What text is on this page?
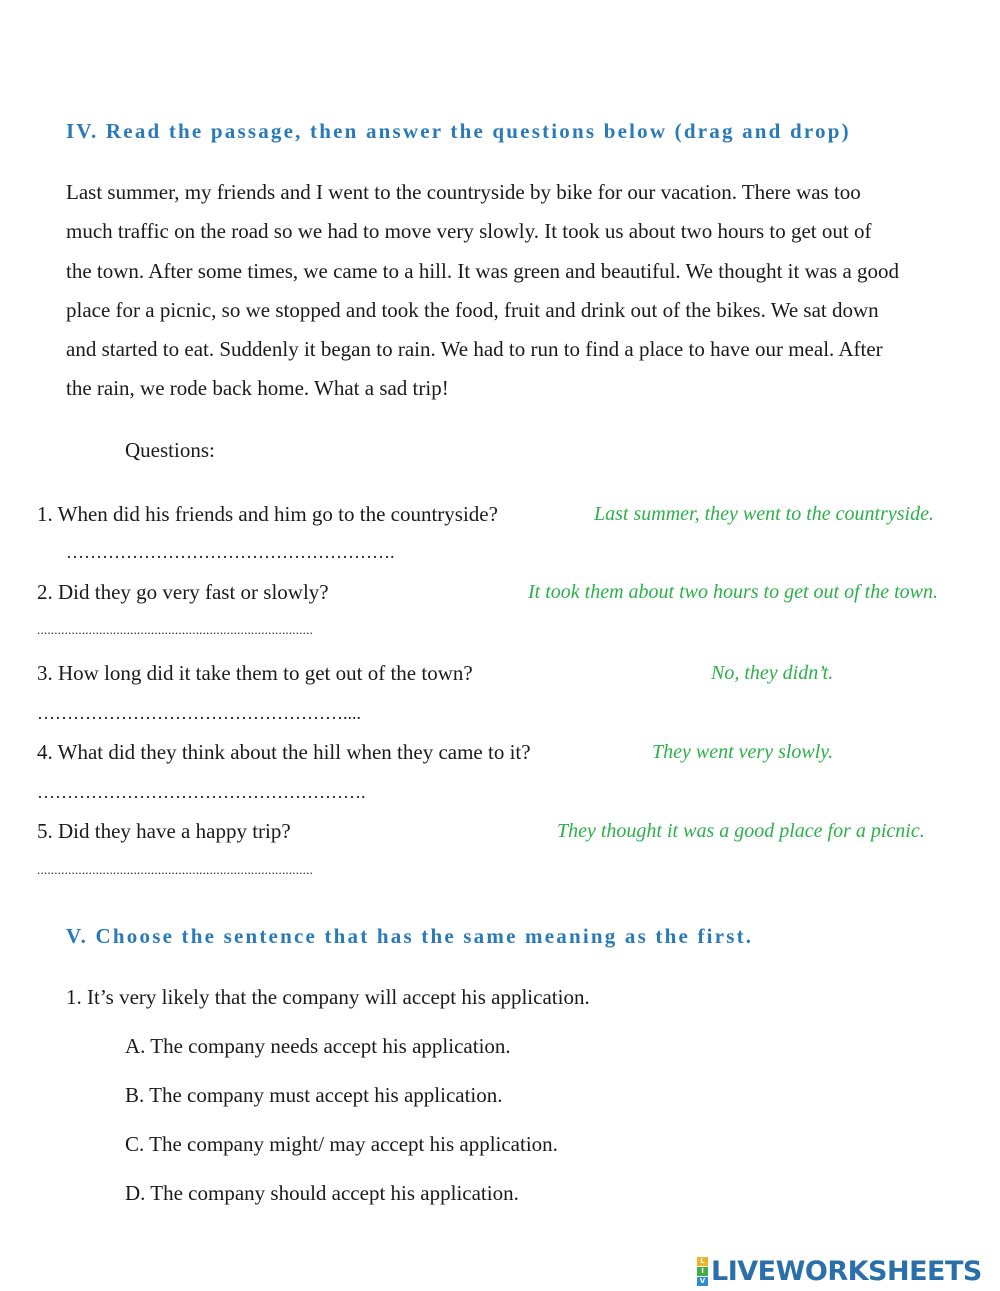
IV. Read the passage, then answer the questions below (drag and drop)
Last summer, my friends and I went to the countryside by bike for our vacation. There was too
much traffic on the road so we had to move very slowly. It took us about two hours to get out of
the town. After some times, we came to a hill. It was green and beautiful. We thought it was a good
place for a picnic, so we stopped and took the food, fruit and drink out of the bikes. We sat down
and started to eat. Suddenly it began to rain. We had to run to find a place to have our meal. After
the rain, we rode back home. What a sad trip!
Questions:
1. When did his friends and him go to the countryside?	Last summer, they went to the countryside.
……………………………………………….
2. Did they go very fast or slowly?	It took them about two hours to get out of the town.
................................................................................
3. How long did it take them to get out of the town?	No, they didn’t.
……………………………………………....
4. What did they think about the hill when they came to it?	They went very slowly.
……………………………………………….
5. Did they have a happy trip?	They thought it was a good place for a picnic.
................................................................................
V. Choose the sentence that has the same meaning as the first.
1. It’s very likely that the company will accept his application.
A. The company needs accept his application.
B. The company must accept his application.
C. The company might/ may accept his application.
D. The company should accept his application.
L
I
V LIVEWORKSHEETS
